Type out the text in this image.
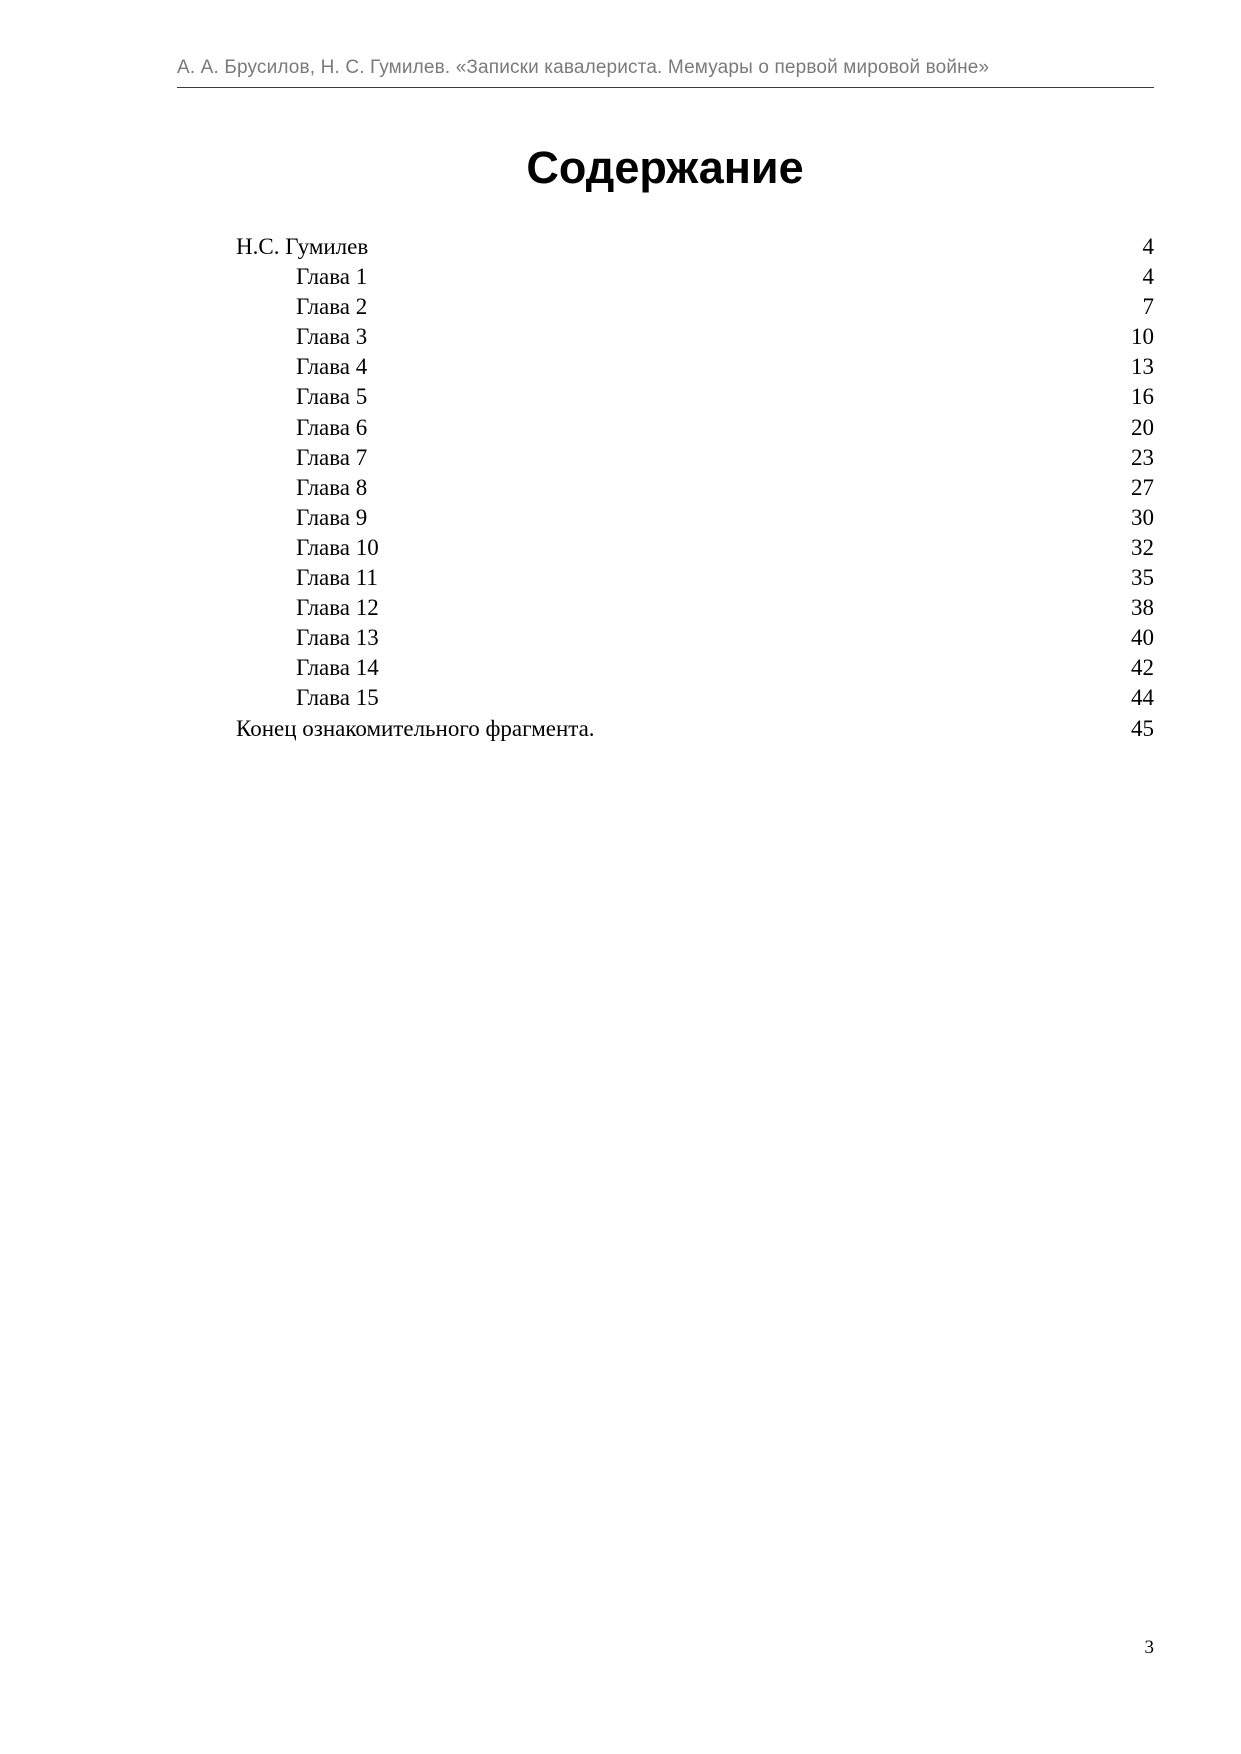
А. А. Брусилов, Н. С. Гумилев. «Записки кавалериста. Мемуары о первой мировой войне»
Содержание
Н.С. Гумилев	4
Глава 1	4
Глава 2	7
Глава 3	10
Глава 4	13
Глава 5	16
Глава 6	20
Глава 7	23
Глава 8	27
Глава 9	30
Глава 10	32
Глава 11	35
Глава 12	38
Глава 13	40
Глава 14	42
Глава 15	44
Конец ознакомительного фрагмента.	45
3
